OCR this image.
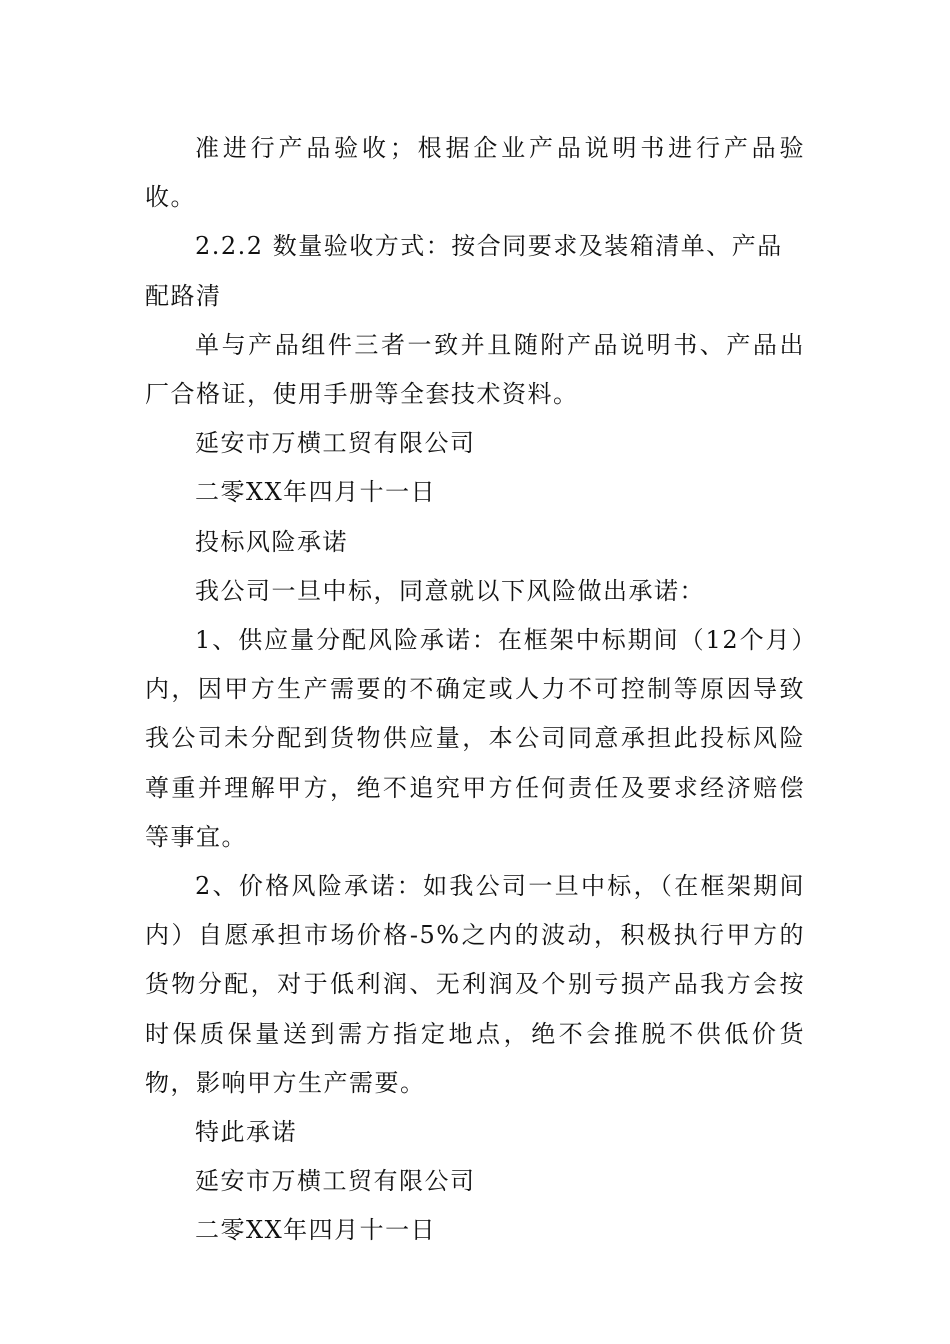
准进行产品验收；根据企业产品说明书进行产品验收。

2.2.2 数量验收方式：按合同要求及装箱清单、产品

配路清

单与产品组件三者一致并且随附产品说明书、产品出厂合格证，使用手册等全套技术资料。

延安市万横工贸有限公司

二零XX年四月十一日

投标风险承诺

我公司一旦中标，同意就以下风险做出承诺：

1、供应量分配风险承诺：在框架中标期间（12个月）内，因甲方生产需要的不确定或人力不可控制等原因导致我公司未分配到货物供应量，本公司同意承担此投标风险尊重并理解甲方，绝不追究甲方任何责任及要求经济赔偿等事宜。

2、价格风险承诺：如我公司一旦中标，（在框架期间内）自愿承担市场价格-5%之内的波动，积极执行甲方的货物分配，对于低利润、无利润及个别亏损产品我方会按时保质保量送到需方指定地点，绝不会推脱不供低价货物，影响甲方生产需要。

特此承诺

延安市万横工贸有限公司

二零XX年四月十一日
